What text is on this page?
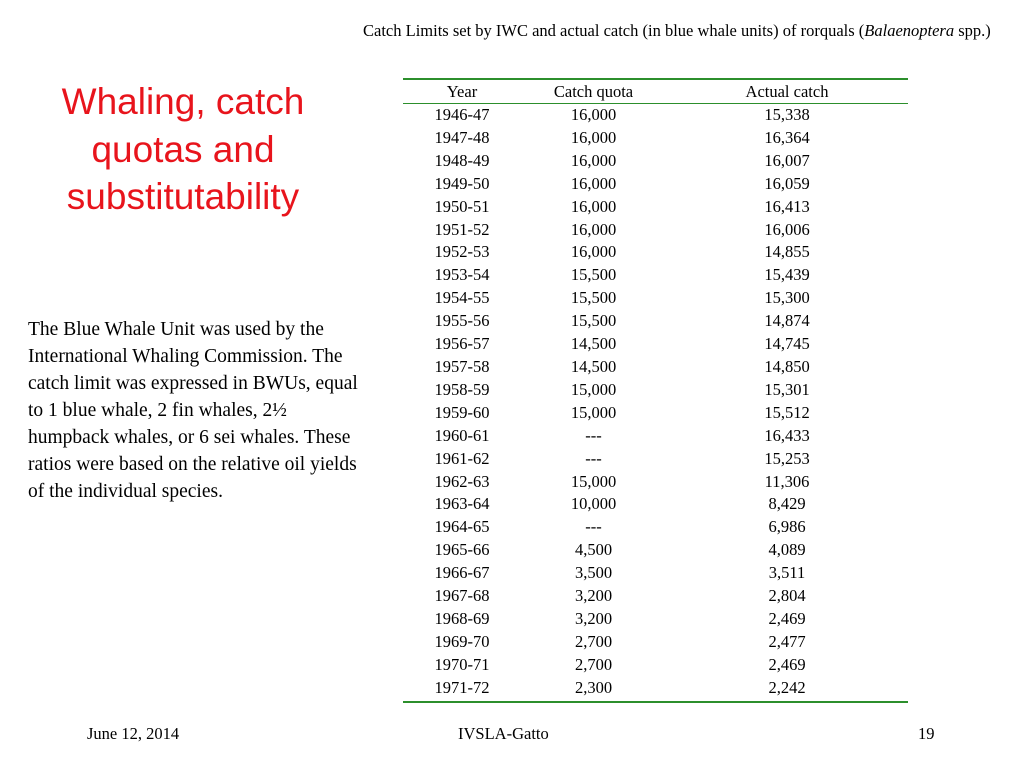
Whaling, catch
quotas and
substitutability
The Blue Whale Unit was used by the International Whaling Commission. The catch limit was expressed in BWUs, equal to 1 blue whale, 2 fin whales, 2½ humpback whales, or 6 sei whales. These ratios were based on the relative oil yields of the individual species.
Catch Limits set by IWC and actual catch (in blue whale units) of rorquals (Balaenoptera spp.)
Year	Catch quota	Actual catch
1946-47	16,000	15,338
1947-48	16,000	16,364
1948-49	16,000	16,007
1949-50	16,000	16,059
1950-51	16,000	16,413
1951-52	16,000	16,006
1952-53	16,000	14,855
1953-54	15,500	15,439
1954-55	15,500	15,300
1955-56	15,500	14,874
1956-57	14,500	14,745
1957-58	14,500	14,850
1958-59	15,000	15,301
1959-60	15,000	15,512
1960-61	---	16,433
1961-62	---	15,253
1962-63	15,000	11,306
1963-64	10,000	8,429
1964-65	---	6,986
1965-66	4,500	4,089
1966-67	3,500	3,511
1967-68	3,200	2,804
1968-69	3,200	2,469
1969-70	2,700	2,477
1970-71	2,700	2,469
1971-72	2,300	2,242
June 12, 2014	IVSLA-Gatto	19
